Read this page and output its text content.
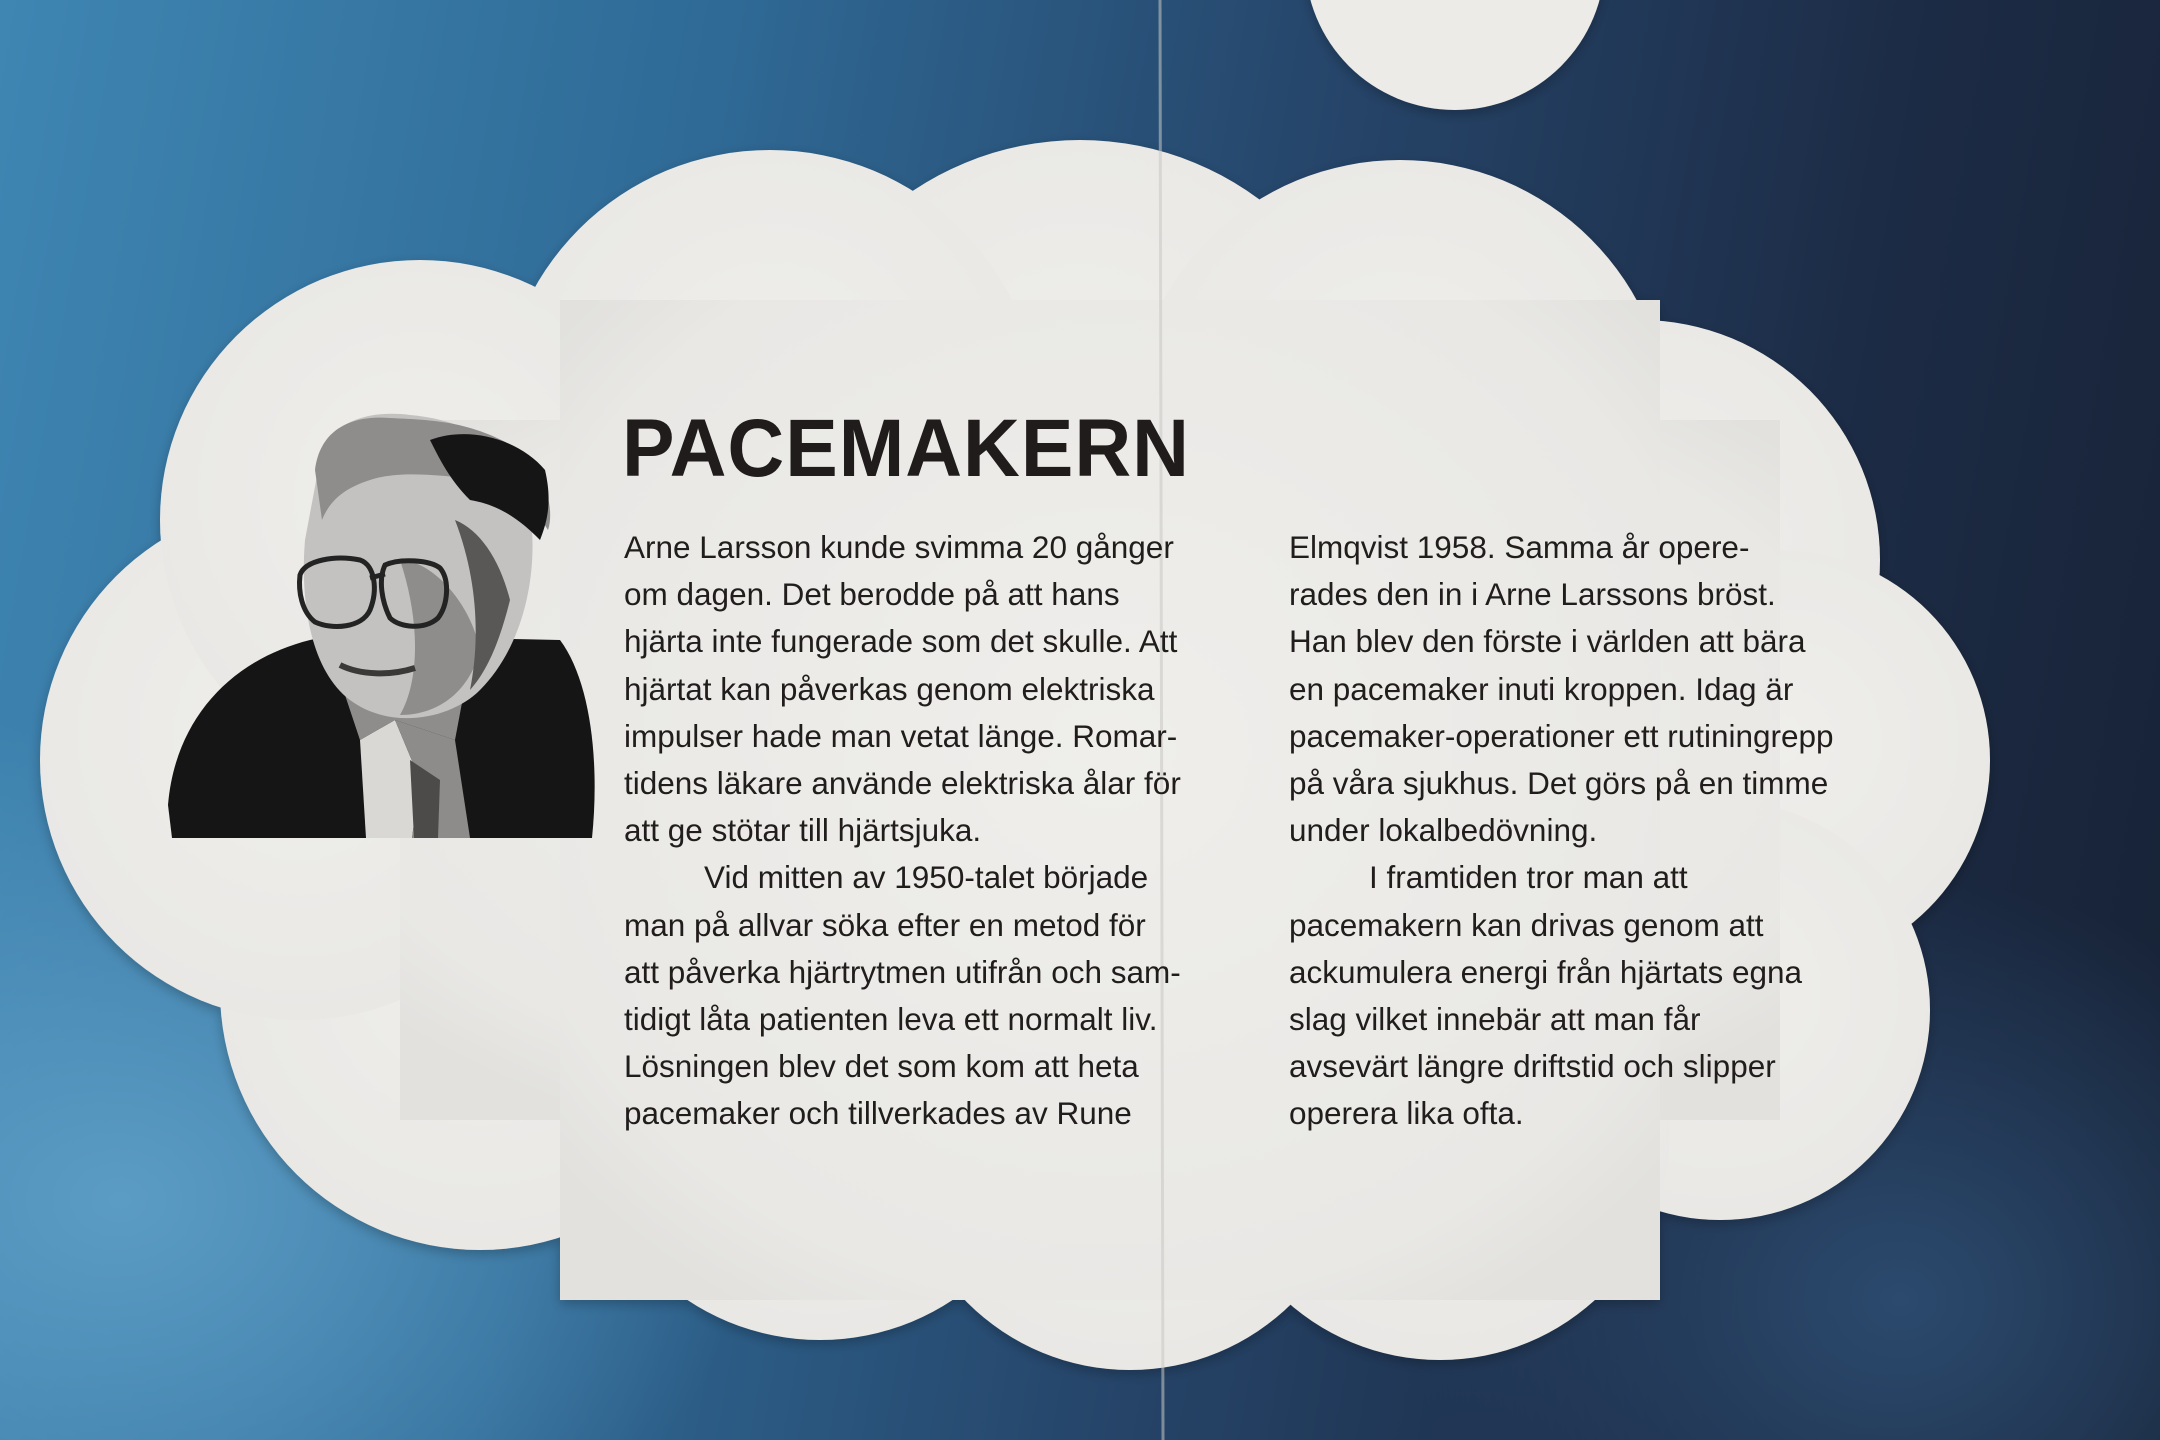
PACEMAKERN

Arne Larsson kunde svimma 20 gånger
om dagen. Det berodde på att hans
hjärta inte fungerade som det skulle. Att
hjärtat kan påverkas genom elektriska
impulser hade man vetat länge. Romar-
tidens läkare använde elektriska ålar för
att ge stötar till hjärtsjuka.

Vid mitten av 1950-talet började
man på allvar söka efter en metod för
att påverka hjärtrytmen utifrån och sam-
tidigt låta patienten leva ett normalt liv.
Lösningen blev det som kom att heta
pacemaker och tillverkades av Rune

Elmqvist 1958. Samma år opere-
rades den in i Arne Larssons bröst.
Han blev den förste i världen att bära
en pacemaker inuti kroppen. Idag är
pacemaker-operationer ett rutiningrepp
på våra sjukhus. Det görs på en timme
under lokalbedövning.

I framtiden tror man att
pacemakern kan drivas genom att
ackumulera energi från hjärtats egna
slag vilket innebär att man får
avsevärt längre driftstid och slipper
operera lika ofta.
